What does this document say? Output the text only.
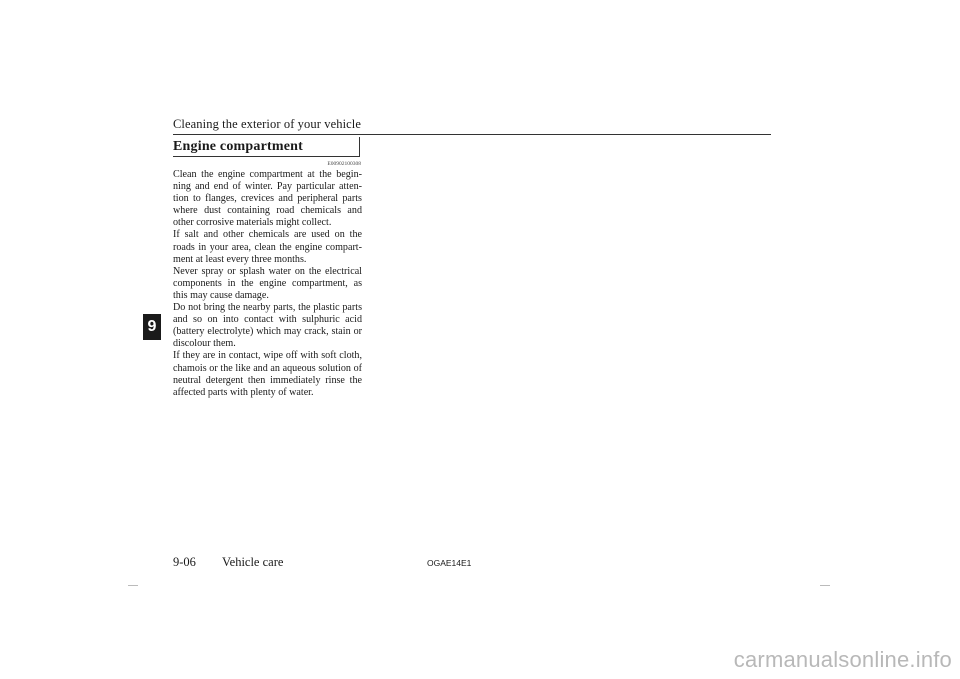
Cleaning the exterior of your vehicle
Engine compartment
E00902100308

Clean the engine compartment at the beginning and end of winter. Pay particular attention to flanges, crevices and peripheral parts where dust containing road chemicals and other corrosive materials might collect.

If salt and other chemicals are used on the roads in your area, clean the engine compartment at least every three months.

Never spray or splash water on the electrical components in the engine compartment, as this may cause damage.

Do not bring the nearby parts, the plastic parts and so on into contact with sulphuric acid (battery electrolyte) which may crack, stain or discolour them.

If they are in contact, wipe off with soft cloth, chamois or the like and an aqueous solution of neutral detergent then immediately rinse the affected parts with plenty of water.

9
9-06 Vehicle care	OGAE14E1
carmanualsonline.info
